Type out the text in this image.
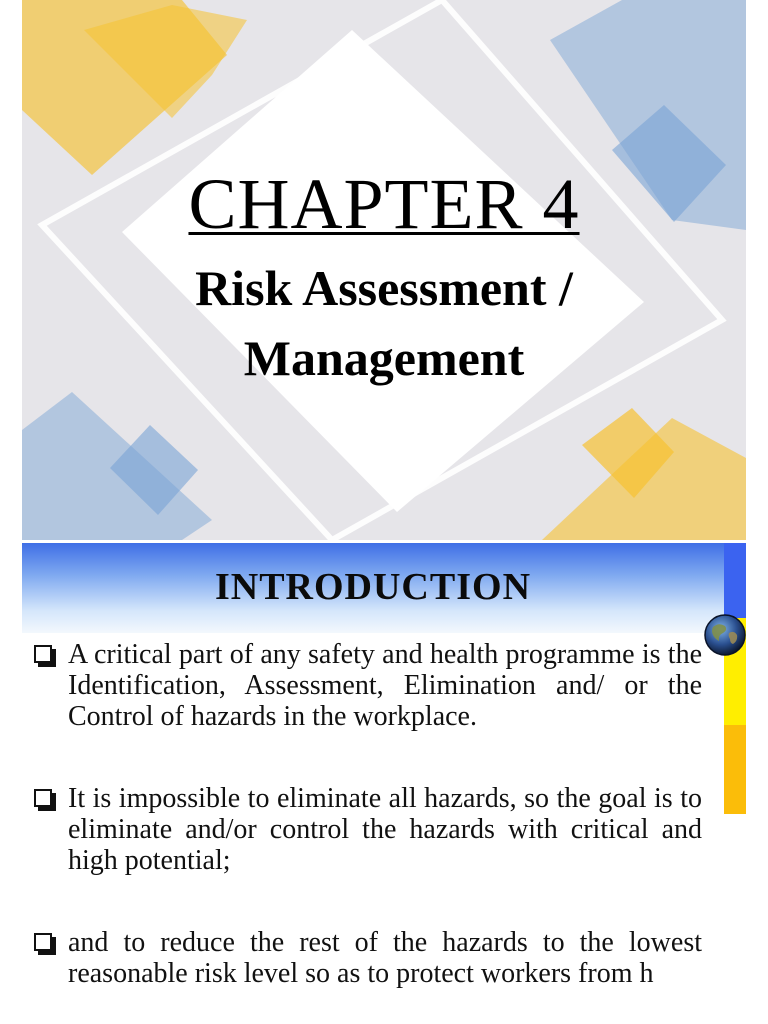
CHAPTER 4
Risk Assessment /
Management
INTRODUCTION
A critical part of any safety and health programme is the Identification, Assessment, Elimination and/ or the Control of hazards in the workplace.
It is impossible to eliminate all hazards, so the goal is to eliminate and/or control the hazards with critical and high potential;
and to reduce the rest of the hazards to the lowest reasonable risk level so as to protect workers from h
